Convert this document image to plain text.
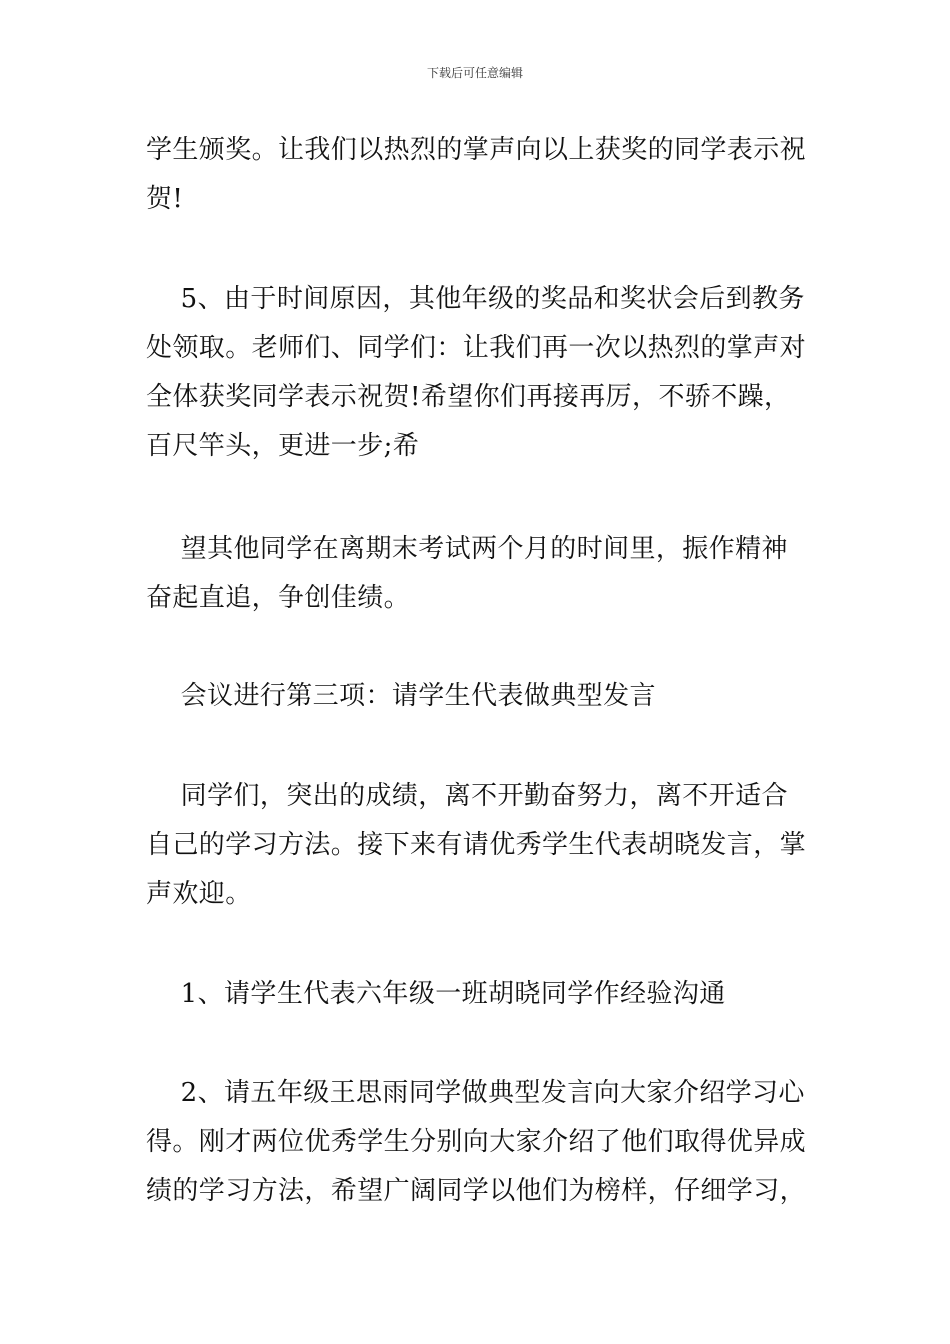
下载后可任意编辑

学生颁奖。让我们以热烈的掌声向以上获奖的同学表示祝贺!

5、由于时间原因，其他年级的奖品和奖状会后到教务处领取。老师们、同学们：让我们再一次以热烈的掌声对全体获奖同学表示祝贺!希望你们再接再厉，不骄不躁，百尺竿头，更进一步;希

望其他同学在离期末考试两个月的时间里，振作精神奋起直追，争创佳绩。

会议进行第三项：请学生代表做典型发言

同学们，突出的成绩，离不开勤奋努力，离不开适合自己的学习方法。接下来有请优秀学生代表胡晓发言，掌声欢迎。

1、请学生代表六年级一班胡晓同学作经验沟通

2、请五年级王思雨同学做典型发言向大家介绍学习心得。刚才两位优秀学生分别向大家介绍了他们取得优异成绩的学习方法，希望广阔同学以他们为榜样，仔细学习，
